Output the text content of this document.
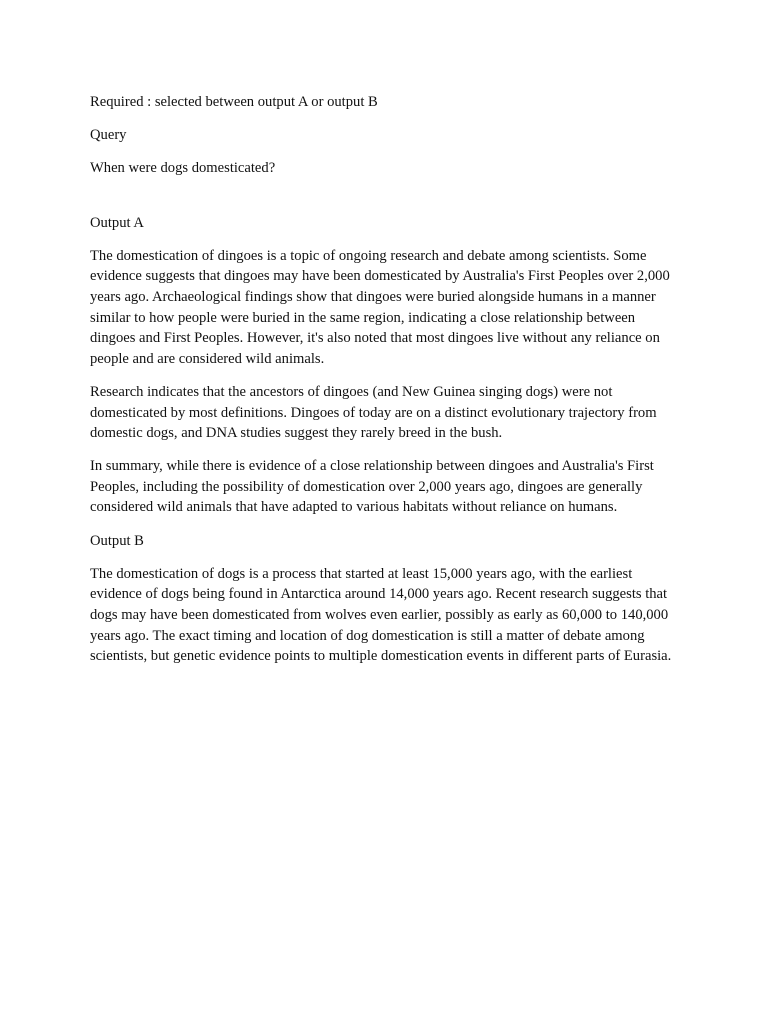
Required : selected between output A or output B

Query

When were dogs domesticated?

Output A

The domestication of dingoes is a topic of ongoing research and debate among scientists. Some evidence suggests that dingoes may have been domesticated by Australia's First Peoples over 2,000 years ago. Archaeological findings show that dingoes were buried alongside humans in a manner similar to how people were buried in the same region, indicating a close relationship between dingoes and First Peoples. However, it's also noted that most dingoes live without any reliance on people and are considered wild animals.

Research indicates that the ancestors of dingoes (and New Guinea singing dogs) were not domesticated by most definitions. Dingoes of today are on a distinct evolutionary trajectory from domestic dogs, and DNA studies suggest they rarely breed in the bush.

In summary, while there is evidence of a close relationship between dingoes and Australia's First Peoples, including the possibility of domestication over 2,000 years ago, dingoes are generally considered wild animals that have adapted to various habitats without reliance on humans.

Output B

The domestication of dogs is a process that started at least 15,000 years ago, with the earliest evidence of dogs being found in Antarctica around 14,000 years ago. Recent research suggests that dogs may have been domesticated from wolves even earlier, possibly as early as 60,000 to 140,000 years ago. The exact timing and location of dog domestication is still a matter of debate among scientists, but genetic evidence points to multiple domestication events in different parts of Eurasia.
